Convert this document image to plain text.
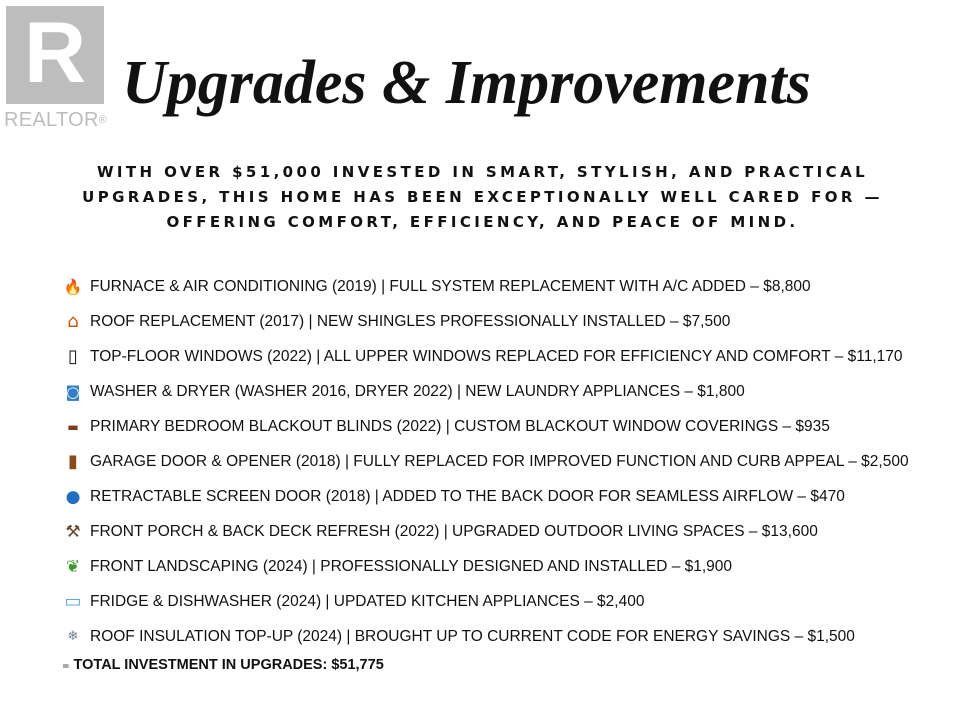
R
REALTOR®
Upgrades & Improvements
WITH OVER $51,000 INVESTED IN SMART, STYLISH, AND PRACTICAL UPGRADES, THIS HOME HAS BEEN EXCEPTIONALLY WELL CARED FOR —OFFERING COMFORT, EFFICIENCY, AND PEACE OF MIND.
🔥 FURNACE & AIR CONDITIONING (2019) | FULL SYSTEM REPLACEMENT WITH A/C ADDED – $8,800
⌂ ROOF REPLACEMENT (2017) | NEW SHINGLES PROFESSIONALLY INSTALLED – $7,500
▯ TOP-FLOOR WINDOWS (2022) | ALL UPPER WINDOWS REPLACED FOR EFFICIENCY AND COMFORT – $11,170
◙ WASHER & DRYER (WASHER 2016, DRYER 2022) | NEW LAUNDRY APPLIANCES – $1,800
▬ PRIMARY BEDROOM BLACKOUT BLINDS (2022) | CUSTOM BLACKOUT WINDOW COVERINGS – $935
▮ GARAGE DOOR & OPENER (2018) | FULLY REPLACED FOR IMPROVED FUNCTION AND CURB APPEAL – $2,500
● RETRACTABLE SCREEN DOOR (2018) | ADDED TO THE BACK DOOR FOR SEAMLESS AIRFLOW – $470
⚒ FRONT PORCH & BACK DECK REFRESH (2022) | UPGRADED OUTDOOR LIVING SPACES – $13,600
❦ FRONT LANDSCAPING (2024) | PROFESSIONALLY DESIGNED AND INSTALLED – $1,900
▭ FRIDGE & DISHWASHER (2024) | UPDATED KITCHEN APPLIANCES – $2,400
❄ ROOF INSULATION TOP-UP (2024) | BROUGHT UP TO CURRENT CODE FOR ENERGY SAVINGS – $1,500
= TOTAL INVESTMENT IN UPGRADES: $51,775
